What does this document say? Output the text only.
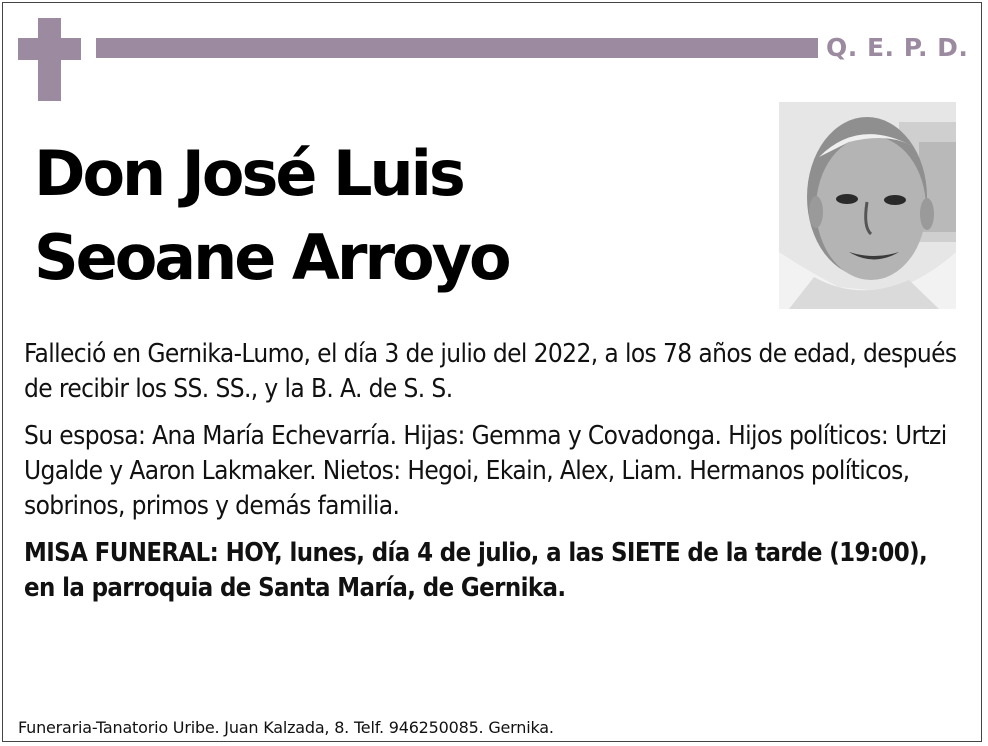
Q. E. P. D.
Don José Luis
Seoane Arroyo

Falleció en Gernika-Lumo, el día 3 de julio del 2022, a los 78 años de edad, después de recibir los SS. SS., y la B. A. de S. S.

Su esposa: Ana María Echevarría. Hijas: Gemma y Covadonga. Hijos políticos: Urtzi Ugalde y Aaron Lakmaker. Nietos: Hegoi, Ekain, Alex, Liam. Hermanos políticos, sobrinos, primos y demás familia.

MISA FUNERAL: HOY, lunes, día 4 de julio, a las SIETE de la tarde (19:00), en la parroquia de Santa María, de Gernika.

Funeraria-Tanatorio Uribe. Juan Kalzada, 8. Telf. 946250085. Gernika.
